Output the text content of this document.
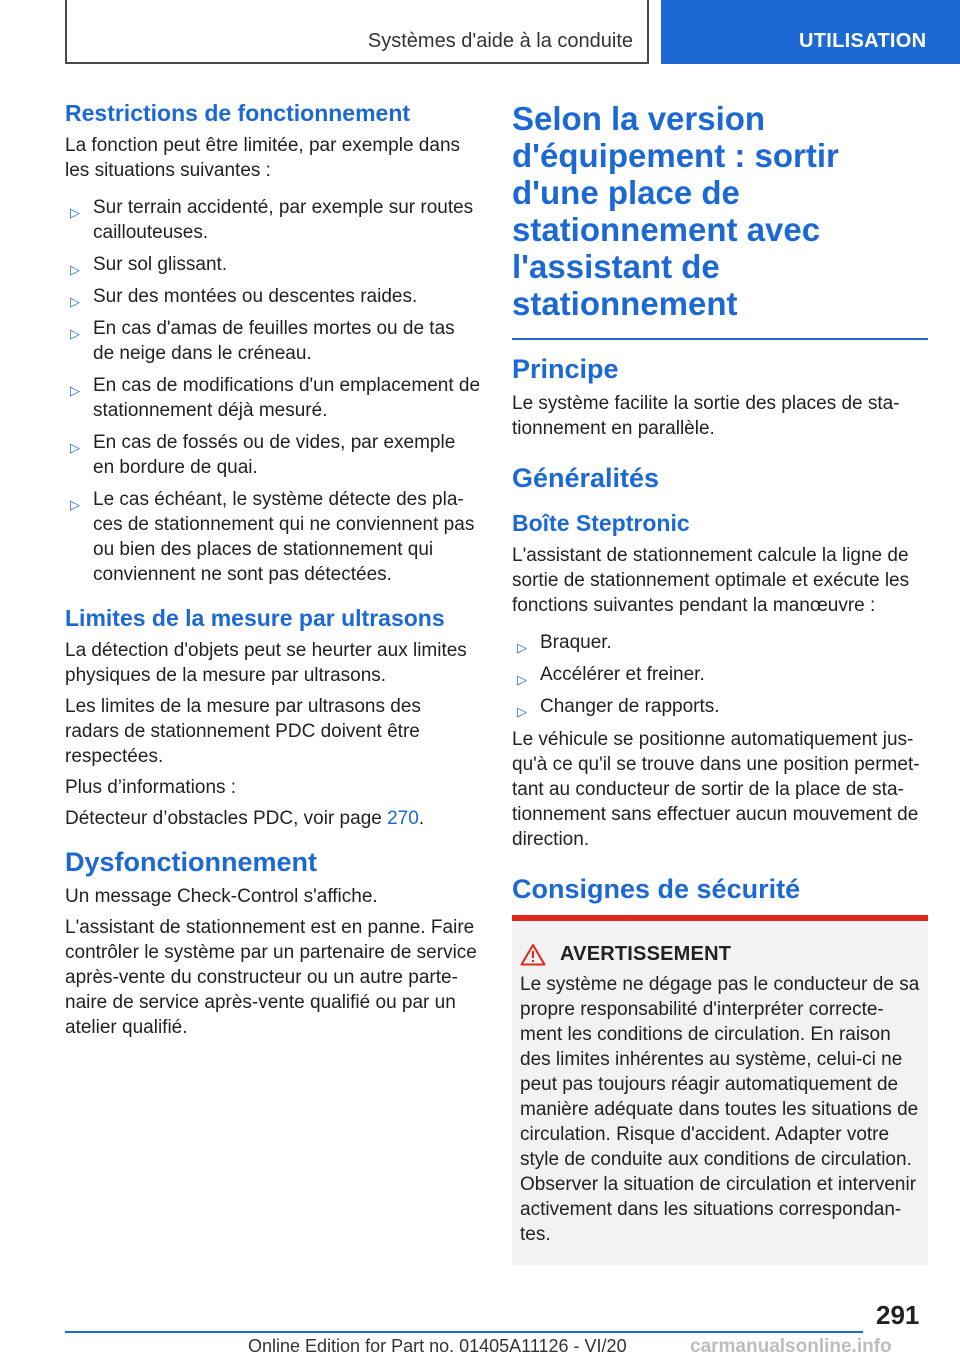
Systèmes d'aide à la conduite	UTILISATION
Restrictions de fonctionnement

La fonction peut être limitée, par exemple dans les situations suivantes :

▷ Sur terrain accidenté, par exemple sur routes caillouteuses.
▷ Sur sol glissant.
▷ Sur des montées ou descentes raides.
▷ En cas d'amas de feuilles mortes ou de tas de neige dans le créneau.
▷ En cas de modifications d'un emplacement de stationnement déjà mesuré.
▷ En cas de fossés ou de vides, par exemple en bordure de quai.
▷ Le cas échéant, le système détecte des pla-ces de stationnement qui ne conviennent pas ou bien des places de stationnement qui conviennent ne sont pas détectées.
Limites de la mesure par ultrasons

La détection d'objets peut se heurter aux limites physiques de la mesure par ultrasons.

Les limites de la mesure par ultrasons des radars de stationnement PDC doivent être respectées.

Plus d’informations :

Détecteur d’obstacles PDC, voir page 270.

Dysfonctionnement

Un message Check-Control s'affiche.

L'assistant de stationnement est en panne. Faire contrôler le système par un partenaire de service après-vente du constructeur ou un autre parte-naire de service après-vente qualifié ou par un atelier qualifié.

Selon la version d'équipement : sortir d'une place de stationnement avec l'assistant de stationnement
Principe

Le système facilite la sortie des places de sta-tionnement en parallèle.

Généralités
Boîte Steptronic

L'assistant de stationnement calcule la ligne de sortie de stationnement optimale et exécute les fonctions suivantes pendant la manœuvre :

▷ Braquer.
▷ Accélérer et freiner.
▷ Changer de rapports.

Le véhicule se positionne automatiquement jus-qu'à ce qu'il se trouve dans une position permet-tant au conducteur de sortir de la place de sta-tionnement sans effectuer aucun mouvement de direction.

Consignes de sécurité
AVERTISSEMENT

Le système ne dégage pas le conducteur de sa propre responsabilité d'interpréter correcte-ment les conditions de circulation. En raison des limites inhérentes au système, celui-ci ne peut pas toujours réagir automatiquement de manière adéquate dans toutes les situations de circulation. Risque d'accident. Adapter votre style de conduite aux conditions de circulation. Observer la situation de circulation et intervenir activement dans les situations correspondan-tes.

291
Online Edition for Part no. 01405A11126 - VI/20	carmanualsonline.info
